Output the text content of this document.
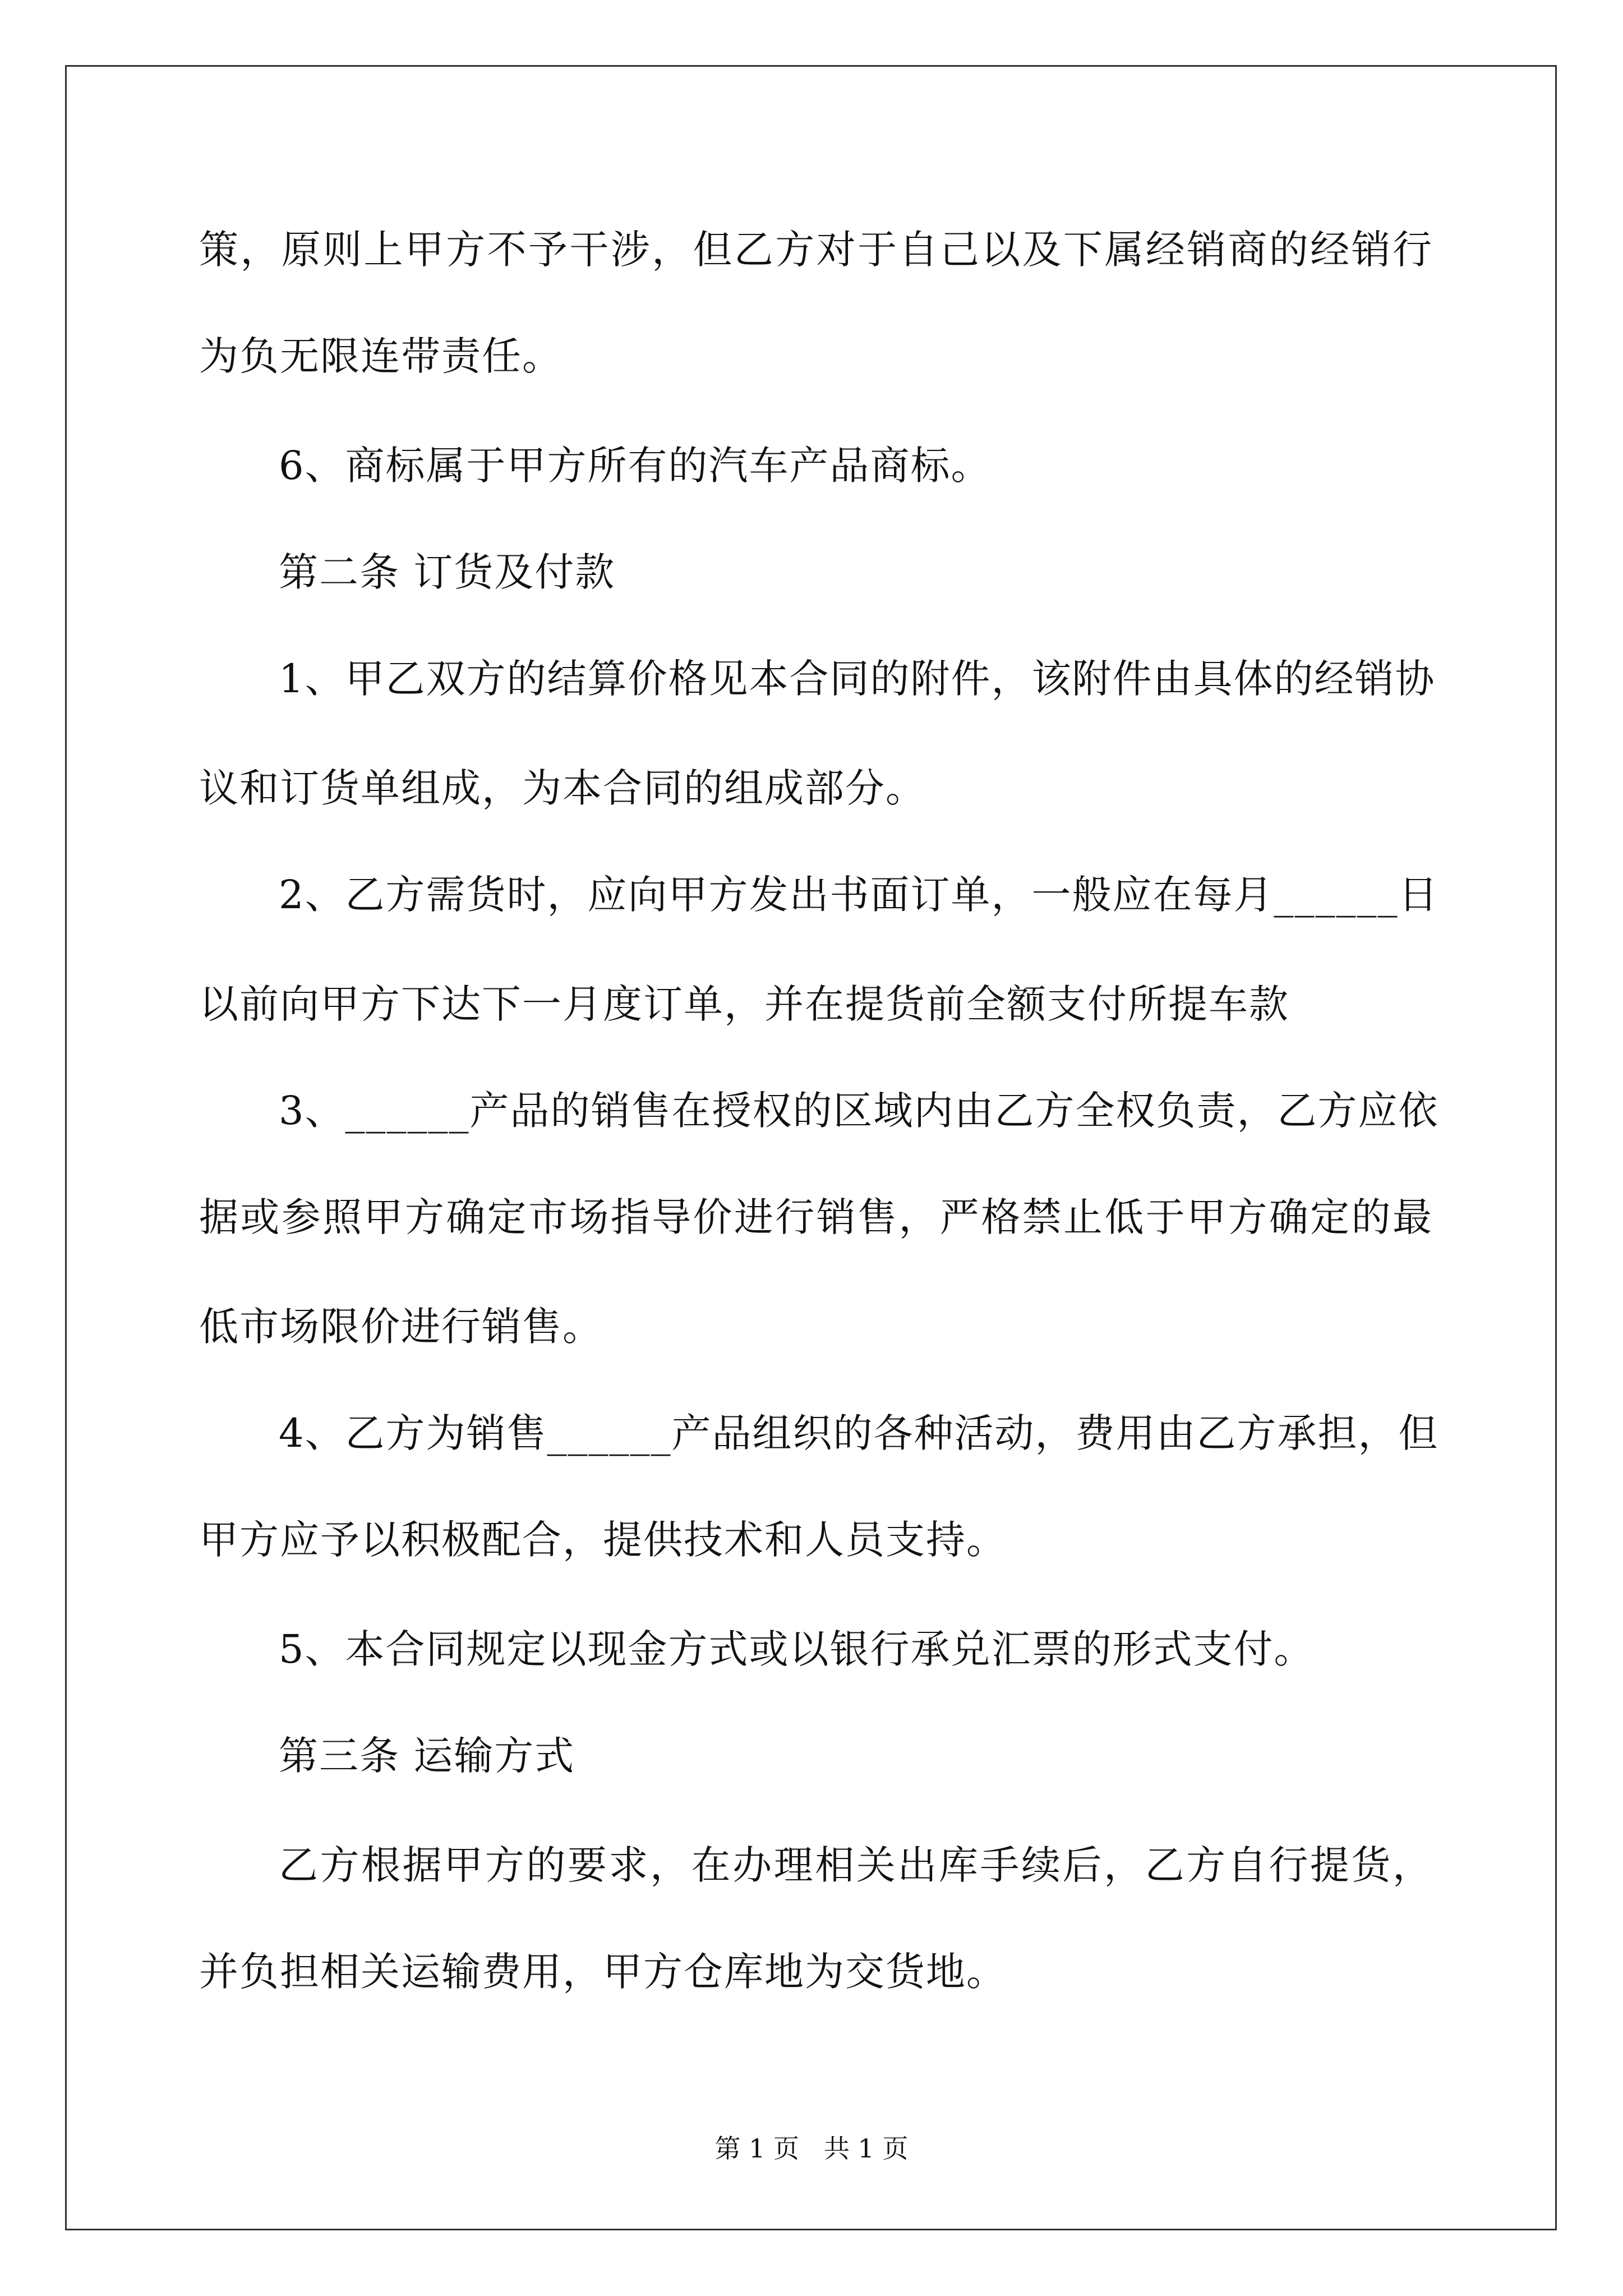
策，原则上甲方不予干涉，但乙方对于自己以及下属经销商的经销行
为负无限连带责任。
6、商标属于甲方所有的汽车产品商标。
第二条 订货及付款
1、甲乙双方的结算价格见本合同的附件，该附件由具体的经销协
议和订货单组成，为本合同的组成部分。
2、乙方需货时，应向甲方发出书面订单，一般应在每月______日
以前向甲方下达下一月度订单，并在提货前全额支付所提车款
3、______产品的销售在授权的区域内由乙方全权负责，乙方应依
据或参照甲方确定市场指导价进行销售，严格禁止低于甲方确定的最
低市场限价进行销售。
4、乙方为销售______产品组织的各种活动，费用由乙方承担，但
甲方应予以积极配合，提供技术和人员支持。
5、本合同规定以现金方式或以银行承兑汇票的形式支付。
第三条 运输方式
乙方根据甲方的要求，在办理相关出库手续后，乙方自行提货，
并负担相关运输费用，甲方仓库地为交货地。
第 1 页 共 1 页
